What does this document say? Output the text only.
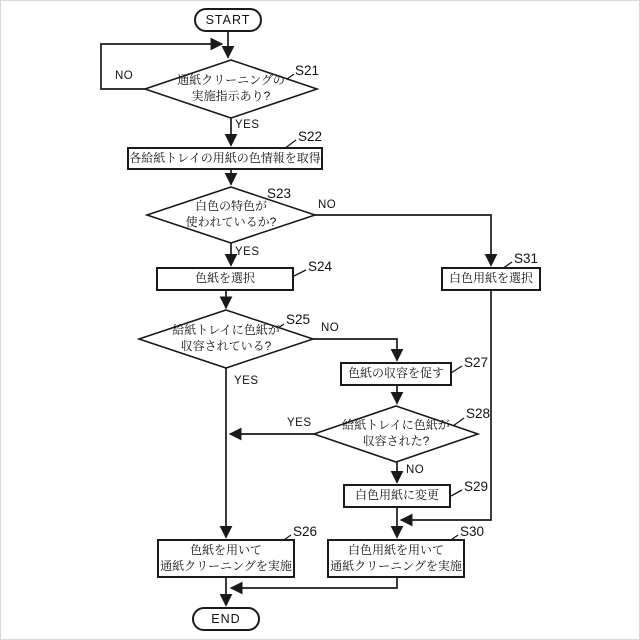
START
通紙クリーニングの
実施指示あり?
各給紙トレイの用紙の色情報を取得
白色の特色が
使われているか?
色紙を選択	白色用紙を選択
給紙トレイに色紙が
収容されている?
色紙の収容を促す
給紙トレイに色紙が
収容された?
白色用紙に変更
色紙を用いて
通紙クリーニングを実施
白色用紙を用いて
通紙クリーニングを実施
END
S21
S22
S23
S24
S31
S25
S27
S28
S29
S30
S26
NO
YES
NO
YES
NO
YES
YES
NO
